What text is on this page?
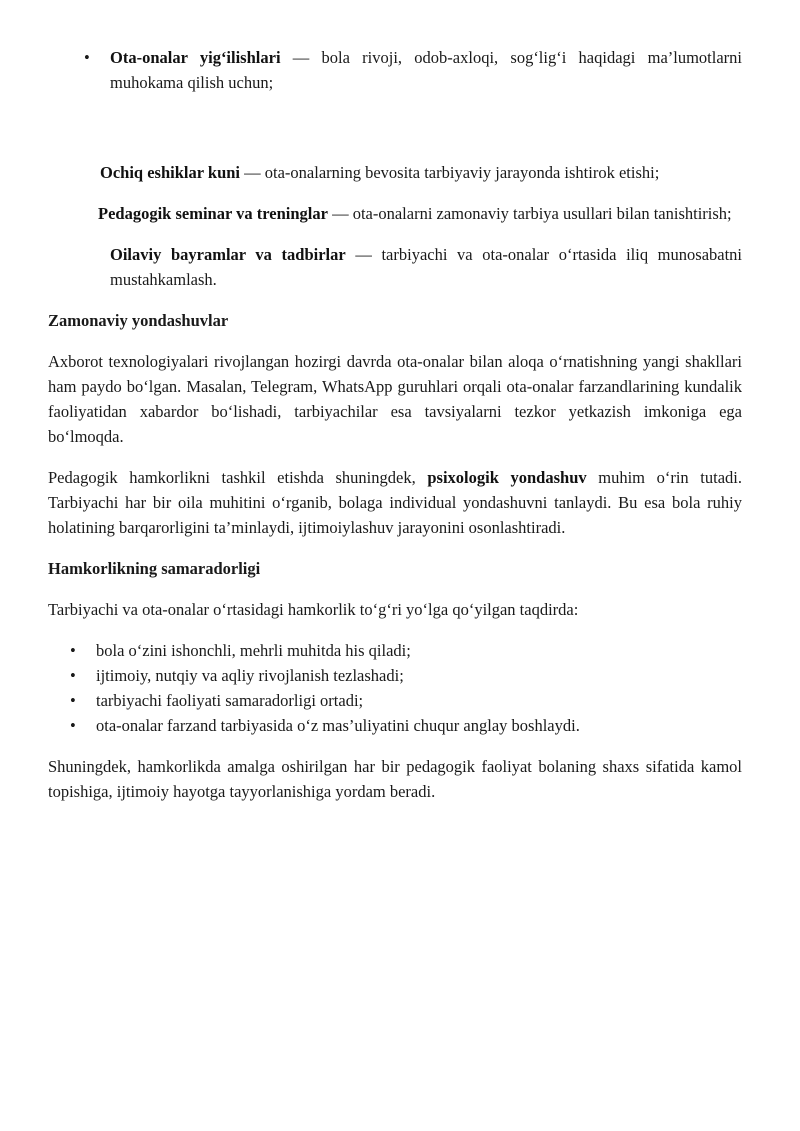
• Ota-onalar yig‘ilishlari — bola rivoji, odob-axloqi, sog‘lig‘i haqidagi ma’lumotlarni muhokama qilish uchun;

Ochiq eshiklar kuni — ota-onalarning bevosita tarbiyaviy jarayonda ishtirok etishi;

Pedagogik seminar va treninglar — ota-onalarni zamonaviy tarbiya usullari bilan tanishtirish;

Oilaviy bayramlar va tadbirlar — tarbiyachi va ota-onalar o‘rtasida iliq munosabatni mustahkamlash.

Zamonaviy yondashuvlar

Axborot texnologiyalari rivojlangan hozirgi davrda ota-onalar bilan aloqa o‘rnatishning yangi shakllari ham paydo bo‘lgan. Masalan, Telegram, WhatsApp guruhlari orqali ota-onalar farzandlarining kundalik faoliyatidan xabardor bo‘lishadi, tarbiyachilar esa tavsiyalarni tezkor yetkazish imkoniga ega bo‘lmoqda.

Pedagogik hamkorlikni tashkil etishda shuningdek, psixologik yondashuv muhim o‘rin tutadi. Tarbiyachi har bir oila muhitini o‘rganib, bolaga individual yondashuvni tanlaydi. Bu esa bola ruhiy holatining barqarorligini ta’minlaydi, ijtimoiylashuv jarayonini osonlashtiradi.

Hamkorlikning samaradorligi

Tarbiyachi va ota-onalar o‘rtasidagi hamkorlik to‘g‘ri yo‘lga qo‘yilgan taqdirda:

• bola o‘zini ishonchli, mehrli muhitda his qiladi;
• ijtimoiy, nutqiy va aqliy rivojlanish tezlashadi;
• tarbiyachi faoliyati samaradorligi ortadi;
• ota-onalar farzand tarbiyasida o‘z mas’uliyatini chuqur anglay boshlaydi.

Shuningdek, hamkorlikda amalga oshirilgan har bir pedagogik faoliyat bolaning shaxs sifatida kamol topishiga, ijtimoiy hayotga tayyorlanishiga yordam beradi.
